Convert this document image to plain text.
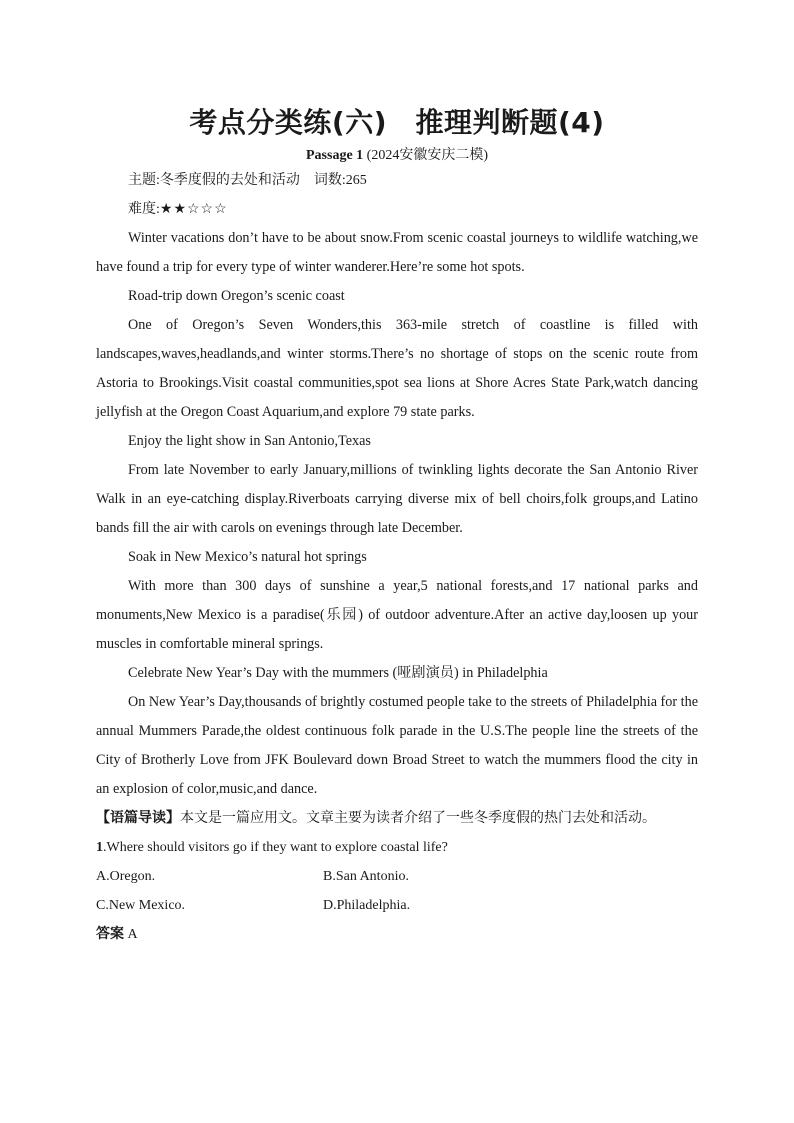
考点分类练(六)　推理判断题(4)
Passage 1 (2024安徽安庆二模)
主题:冬季度假的去处和活动　 词数:265
难度:★★☆☆☆

Winter vacations don’t have to be about snow.From scenic coastal journeys to wildlife watching,we have found a trip for every type of winter wanderer.Here’re some hot spots.

Road-trip down Oregon’s scenic coast

One of Oregon’s Seven Wonders,this 363-mile stretch of coastline is filled with landscapes,waves,headlands,and winter storms.There’s no shortage of stops on the scenic route from Astoria to Brookings.Visit coastal communities,spot sea lions at Shore Acres State Park,watch dancing jellyfish at the Oregon Coast Aquarium,and explore 79 state parks.

Enjoy the light show in San Antonio,Texas

From late November to early January,millions of twinkling lights decorate the San Antonio River Walk in an eye-catching display.Riverboats carrying diverse mix of bell choirs,folk groups,and Latino bands fill the air with carols on evenings through late December.

Soak in New Mexico’s natural hot springs

With more than 300 days of sunshine a year,5 national forests,and 17 national parks and monuments,New Mexico is a paradise(乐园) of outdoor adventure.After an active day,loosen up your muscles in comfortable mineral springs.

Celebrate New Year’s Day with the mummers (哑剧演员) in Philadelphia

On New Year’s Day,thousands of brightly costumed people take to the streets of Philadelphia for the annual Mummers Parade,the oldest continuous folk parade in the U.S.The people line the streets of the City of Brotherly Love from JFK Boulevard down Broad Street to watch the mummers flood the city in an explosion of color,music,and dance.

【语篇导读】本文是一篇应用文。文章主要为读者介绍了一些冬季度假的热门去处和活动。
1.Where should visitors go if they want to explore coastal life?
A.Oregon.	B.San Antonio.
C.New Mexico.	D.Philadelphia.
答案 A
